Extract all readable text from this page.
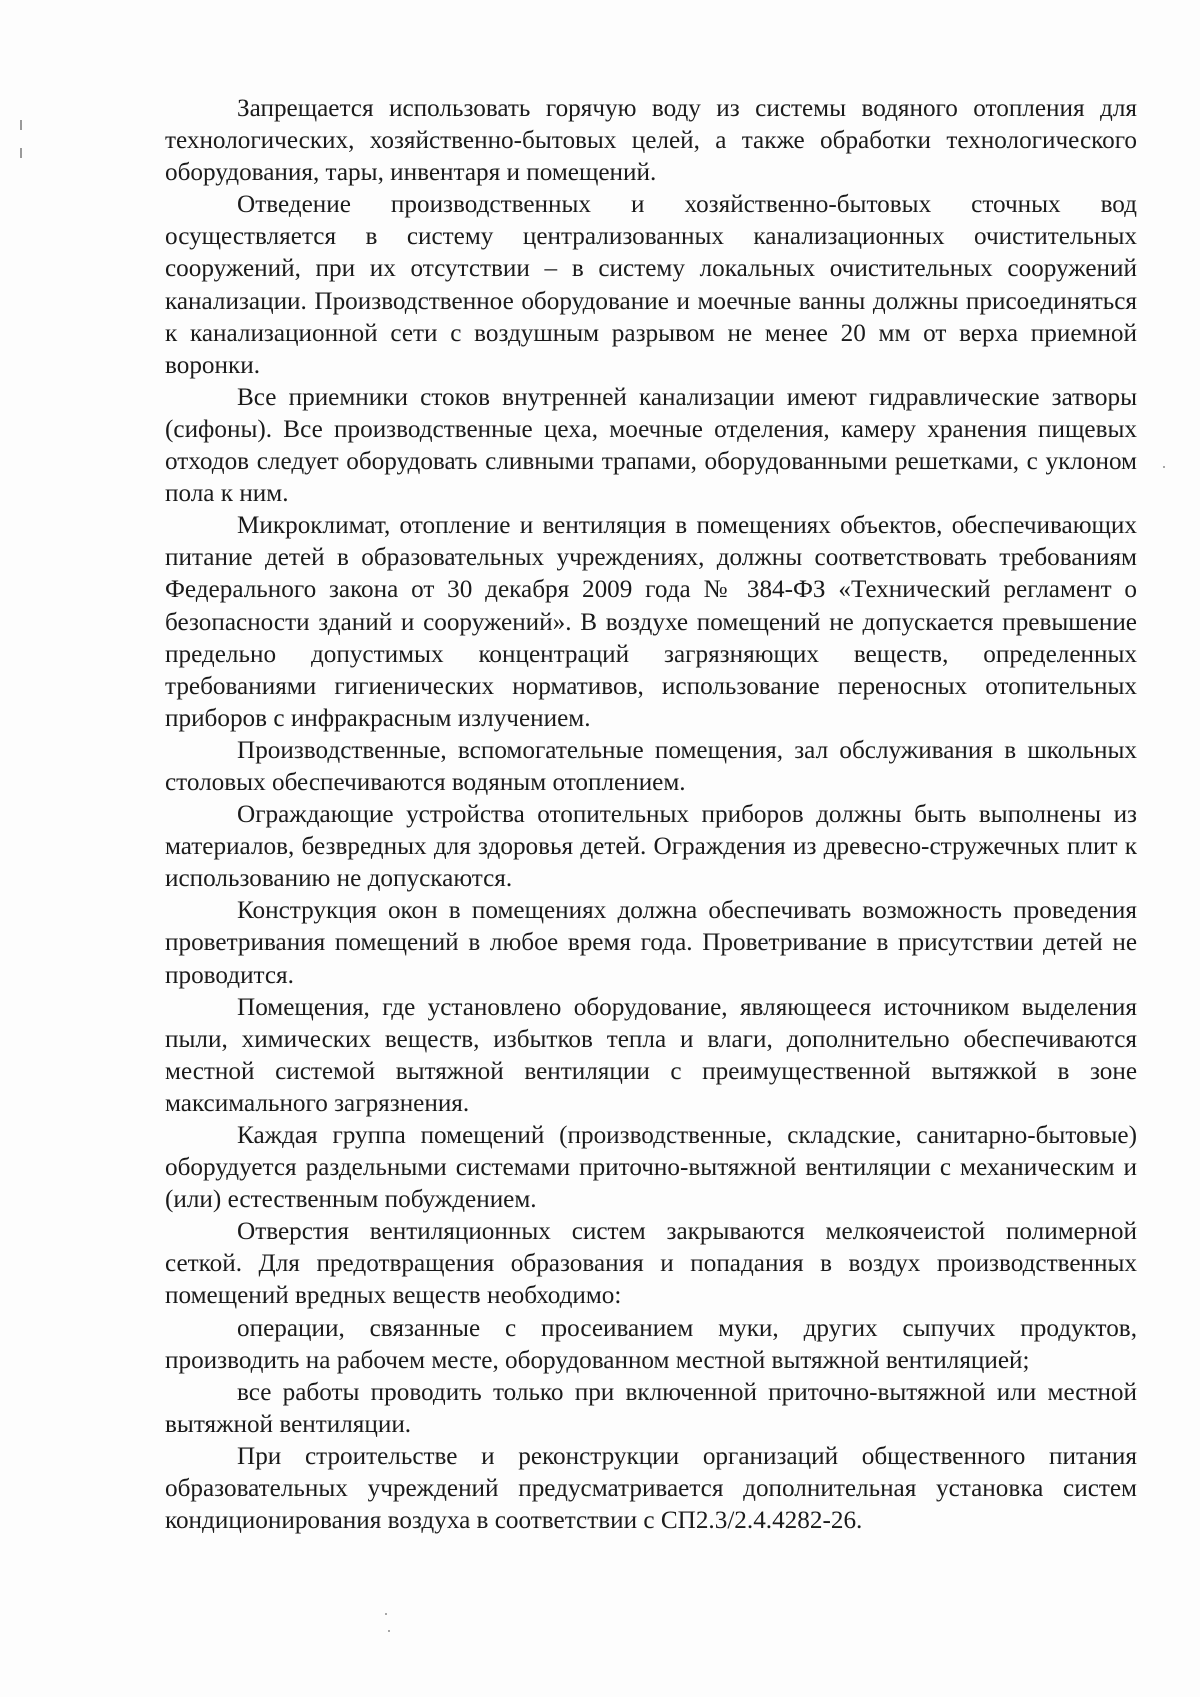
Запрещается использовать горячую воду из системы водяного отопления для технологических, хозяйственно-бытовых целей, а также обработки технологического оборудования, тары, инвентаря и помещений.

Отведение производственных и хозяйственно-бытовых сточных вод осуществляется в систему централизованных канализационных очистительных сооружений, при их отсутствии – в систему локальных очистительных сооружений канализации. Производственное оборудование и моечные ванны должны присоединяться к канализационной сети с воздушным разрывом не менее 20 мм от верха приемной воронки.

Все приемники стоков внутренней канализации имеют гидравлические затворы (сифоны). Все производственные цеха, моечные отделения, камеру хранения пищевых отходов следует оборудовать сливными трапами, оборудованными решетками, с уклоном пола к ним.

Микроклимат, отопление и вентиляция в помещениях объектов, обеспечивающих питание детей в образовательных учреждениях, должны соответствовать требованиям Федерального закона от 30 декабря 2009 года № 384-ФЗ «Технический регламент о безопасности зданий и сооружений». В воздухе помещений не допускается превышение предельно допустимых концентраций загрязняющих веществ, определенных требованиями гигиенических нормативов, использование переносных отопительных приборов с инфракрасным излучением.

Производственные, вспомогательные помещения, зал обслуживания в школьных столовых обеспечиваются водяным отоплением.

Ограждающие устройства отопительных приборов должны быть выполнены из материалов, безвредных для здоровья детей. Ограждения из древесно-стружечных плит к использованию не допускаются.

Конструкция окон в помещениях должна обеспечивать возможность проведения проветривания помещений в любое время года. Проветривание в присутствии детей не проводится.

Помещения, где установлено оборудование, являющееся источником выделения пыли, химических веществ, избытков тепла и влаги, дополнительно обеспечиваются местной системой вытяжной вентиляции с преимущественной вытяжкой в зоне максимального загрязнения.

Каждая группа помещений (производственные, складские, санитарно-бытовые) оборудуется раздельными системами приточно-вытяжной вентиляции с механическим и (или) естественным побуждением.

Отверстия вентиляционных систем закрываются мелкоячеистой полимерной сеткой. Для предотвращения образования и попадания в воздух производственных помещений вредных веществ необходимо:

операции, связанные с просеиванием муки, других сыпучих продуктов, производить на рабочем месте, оборудованном местной вытяжной вентиляцией;

все работы проводить только при включенной приточно-вытяжной или местной вытяжной вентиляции.

При строительстве и реконструкции организаций общественного питания образовательных учреждений предусматривается дополнительная установка систем кондиционирования воздуха в соответствии с СП2.3/2.4.4282-26.
